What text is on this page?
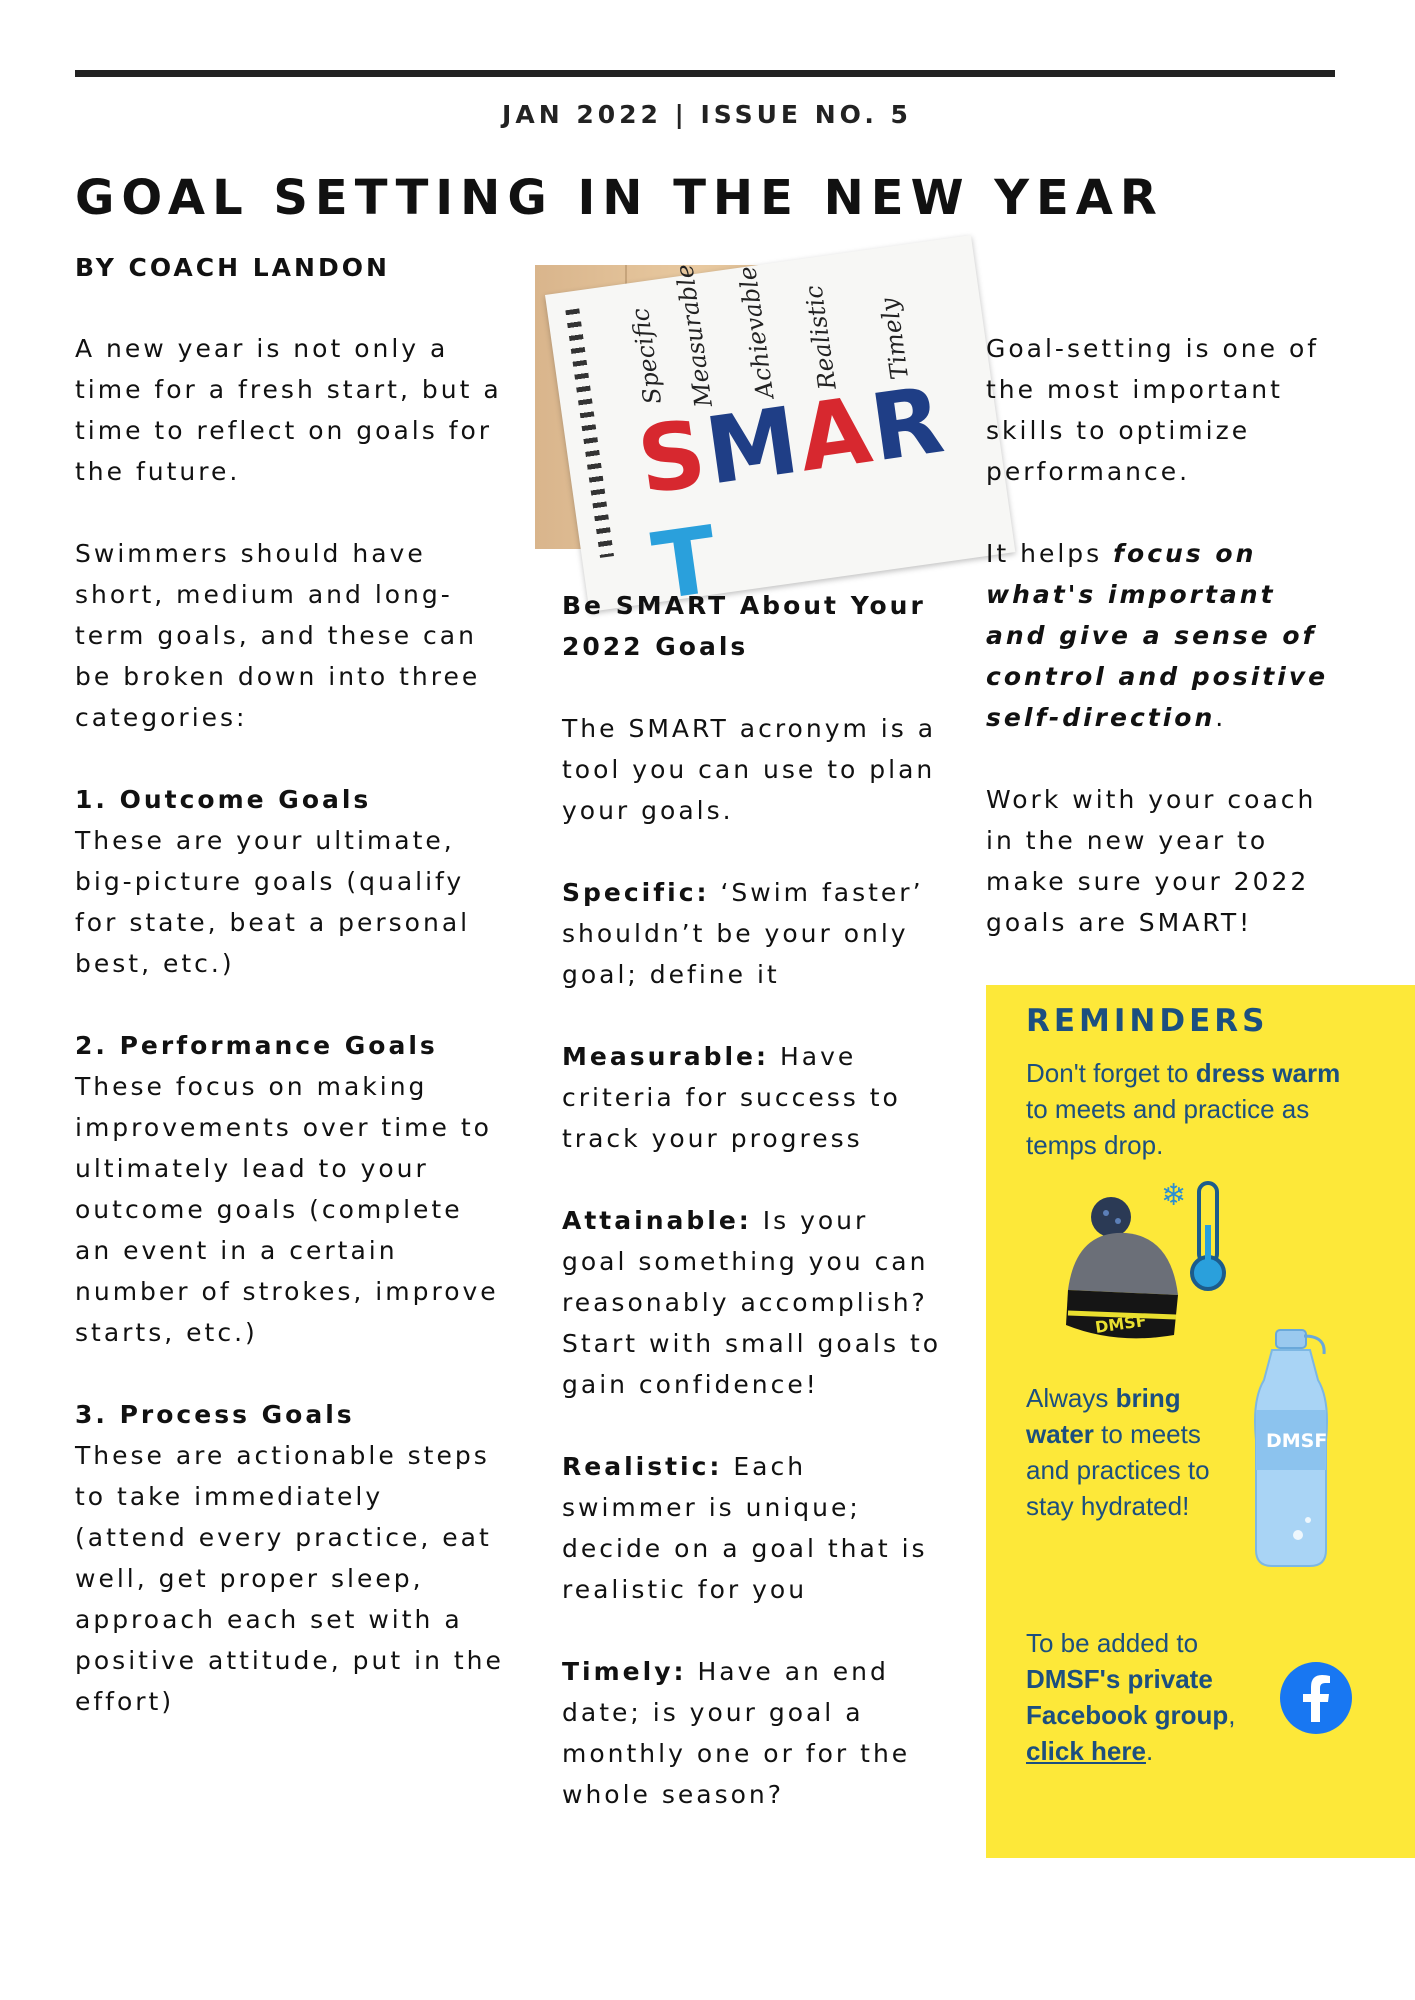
JAN 2022 | ISSUE NO. 5
GOAL SETTING IN THE NEW YEAR
BY COACH LANDON

A new year is not only a time for a fresh start, but a time to reflect on goals for the future.

Swimmers should have short, medium and long-term goals, and these can be broken down into three categories:

1. Outcome Goals
These are your ultimate, big-picture goals (qualify for state, beat a personal best, etc.)

2. Performance Goals
These focus on making improvements over time to ultimately lead to your outcome goals (complete an event in a certain number of strokes, improve starts, etc.)

3. Process Goals
These are actionable steps to take immediately (attend every practice, eat well, get proper sleep, approach each set with a positive attitude, put in the effort)

Specific Measurable Achievable Realistic Timely
SMART

Be SMART About Your 2022 Goals

The SMART acronym is a tool you can use to plan your goals.

Specific: ‘Swim faster’ shouldn’t be your only goal; define it

Measurable: Have criteria for success to track your progress

Attainable: Is your goal something you can reasonably accomplish? Start with small goals to gain confidence!

Realistic: Each swimmer is unique; decide on a goal that is realistic for you

Timely: Have an end date; is your goal a monthly one or for the whole season?

Goal-setting is one of the most important skills to optimize performance.

It helps focus on what's important and give a sense of control and positive self-direction.

Work with your coach in the new year to make sure your 2022 goals are SMART!

REMINDERS
Don't forget to dress warm to meets and practice as temps drop.
DMSF
❄
Always bring water to meets and practices to stay hydrated!
DMSF
To be added to DMSF's private Facebook group, click here.
